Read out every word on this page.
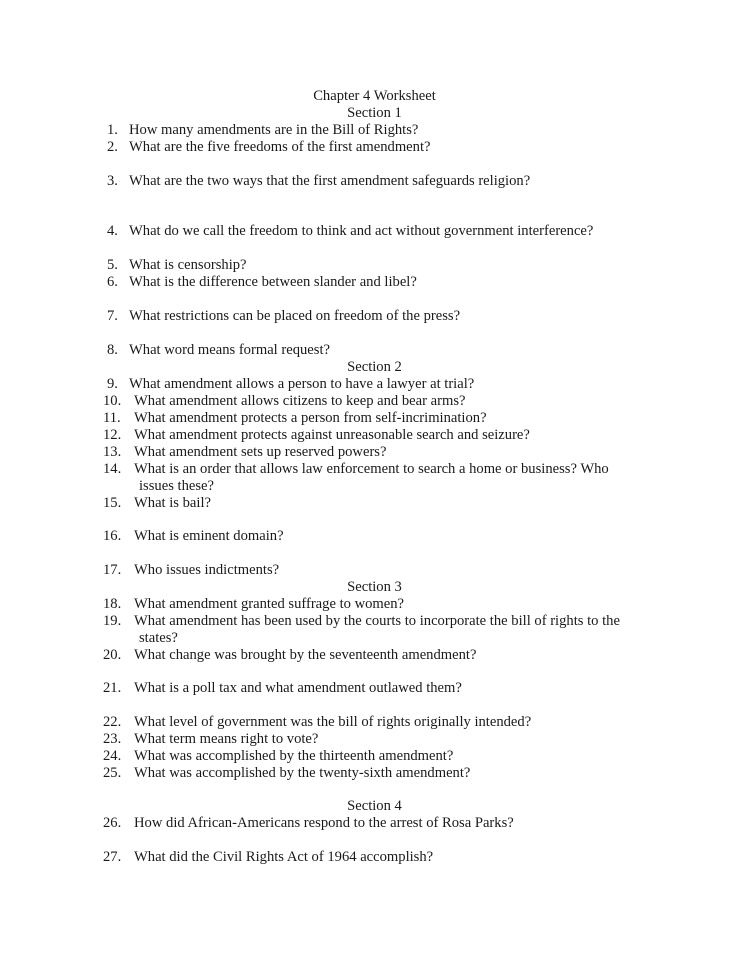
Chapter 4 Worksheet
Section 1
1. How many amendments are in the Bill of Rights?
2. What are the five freedoms of the first amendment?
3. What are the two ways that the first amendment safeguards religion?
4. What do we call the freedom to think and act without government interference?
5. What is censorship?
6. What is the difference between slander and libel?
7. What restrictions can be placed on freedom of the press?
8. What word means formal request?
Section 2
9. What amendment allows a person to have a lawyer at trial?
10. What amendment allows citizens to keep and bear arms?
11. What amendment protects a person from self-incrimination?
12. What amendment protects against unreasonable search and seizure?
13. What amendment sets up reserved powers?
14. What is an order that allows law enforcement to search a home or business? Who
issues these?
15. What is bail?
16. What is eminent domain?
17. Who issues indictments?
Section 3
18. What amendment granted suffrage to women?
19. What amendment has been used by the courts to incorporate the bill of rights to the
states?
20. What change was brought by the seventeenth amendment?
21. What is a poll tax and what amendment outlawed them?
22. What level of government was the bill of rights originally intended?
23. What term means right to vote?
24. What was accomplished by the thirteenth amendment?
25. What was accomplished by the twenty-sixth amendment?
Section 4
26. How did African-Americans respond to the arrest of Rosa Parks?
27. What did the Civil Rights Act of 1964 accomplish?
